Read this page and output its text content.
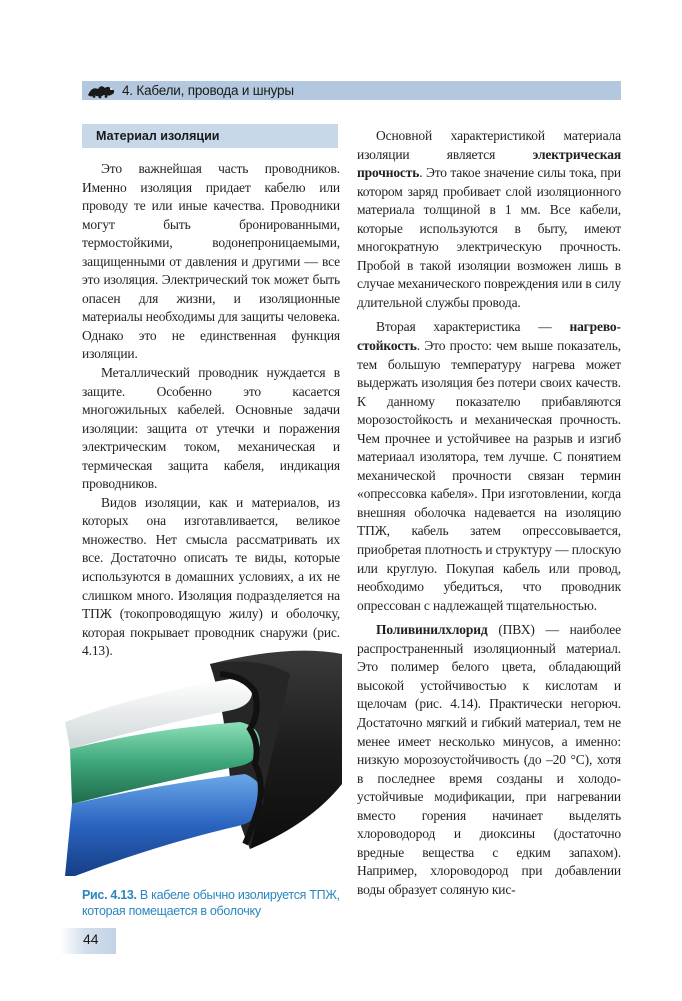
4. Кабели, провода и шнуры
Материал изоляции

Это важнейшая часть проводников. Именно изоляция придает кабелю или проводу те или иные качества. Проводники могут быть бронированными, термостойкими, водонепроницаемыми, защищенными от давления и другими — все это изоляция. Электрический ток может быть опасен для жизни, и изоляционные материалы необходимы для защиты человека. Однако это не единственная функция изоляции.

Металлический проводник нуждается в защите. Особенно это касается многожильных кабелей. Основные задачи изоляции: защита от утечки и поражения электрическим током, механическая и термическая защита кабеля, индикация проводников.

Видов изоляции, как и материалов, из которых она изготавливается, великое множество. Нет смысла рассматривать их все. Достаточно описать те виды, которые используются в домашних условиях, а их не слишком много. Изоляция подразделяется на ТПЖ (токопроводящую жилу) и оболочку, которая покрывает проводник снаружи (рис. 4.13).

Рис. 4.13. В кабеле обычно изолируется ТПЖ, которая помещается в оболочку

Основной характеристикой материала изоляции является электрическая прочность. Это такое значение силы тока, при котором заряд пробивает слой изоляционного материала толщиной в 1 мм. Все кабели, которые используются в быту, имеют многократную электрическую прочность. Пробой в такой изоляции возможен лишь в случае механического повреждения или в силу длительной службы провода.

Вторая характеристика — нагревостойкость. Это просто: чем выше показатель, тем большую температуру нагрева может выдержать изоляция без потери своих качеств. К данному показателю прибавляются морозостойкость и механическая прочность. Чем прочнее и устойчивее на разрыв и изгиб материаал изолятора, тем лучше. С понятием механической прочности связан термин «опрессовка кабеля». При изготовлении, когда внешняя оболочка надевается на изоляцию ТПЖ, кабель затем опрессовывается, приобретая плотность и структуру — плоскую или круглую. Покупая кабель или провод, необходимо убедиться, что проводник опрессован с надлежащей тщательностью.

Поливинилхлорид (ПВХ) — наиболее распространенный изоляционный материал. Это полимер белого цвета, обладающий высокой устойчивостью к кислотам и щелочам (рис. 4.14). Практически негорюч. Достаточно мягкий и гибкий материал, тем не менее имеет несколько минусов, а именно: низкую морозоустойчивость (до –20 °С), хотя в последнее время созданы и холодоустойчивые модификации, при нагревании вместо горения начинает выделять хлороводород и диоксины (достаточно вредные вещества с едким запахом). Например, хлороводород при добавлении воды образует соляную кис-

44
